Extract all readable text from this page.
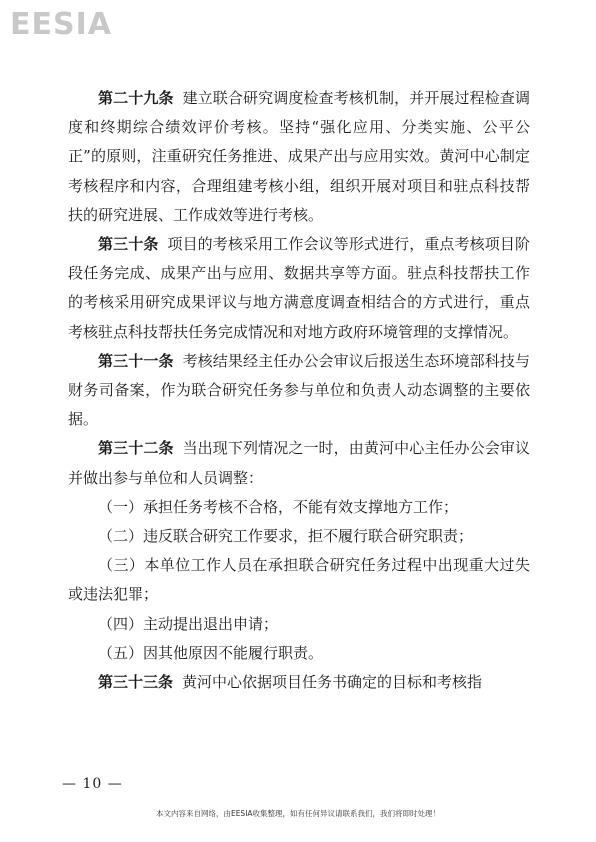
EESIA

第二十九条 建立联合研究调度检查考核机制，并开展过程检查调度和终期综合绩效评价考核。坚持“强化应用、分类实施、公平公正”的原则，注重研究任务推进、成果产出与应用实效。黄河中心制定考核程序和内容，合理组建考核小组，组织开展对项目和驻点科技帮扶的研究进展、工作成效等进行考核。

第三十条 项目的考核采用工作会议等形式进行，重点考核项目阶段任务完成、成果产出与应用、数据共享等方面。驻点科技帮扶工作的考核采用研究成果评议与地方满意度调查相结合的方式进行，重点考核驻点科技帮扶任务完成情况和对地方政府环境管理的支撑情况。

第三十一条 考核结果经主任办公会审议后报送生态环境部科技与财务司备案，作为联合研究任务参与单位和负责人动态调整的主要依据。

第三十二条 当出现下列情况之一时，由黄河中心主任办公会审议并做出参与单位和人员调整：

（一）承担任务考核不合格，不能有效支撑地方工作；

（二）违反联合研究工作要求，拒不履行联合研究职责；

（三）本单位工作人员在承担联合研究任务过程中出现重大过失或违法犯罪；

（四）主动提出退出申请；

（五）因其他原因不能履行职责。

第三十三条 黄河中心依据项目任务书确定的目标和考核指

— 10 —
本文内容来自网络，由EESIA收集整理，如有任何异议请联系我们，我们将即时处理！
